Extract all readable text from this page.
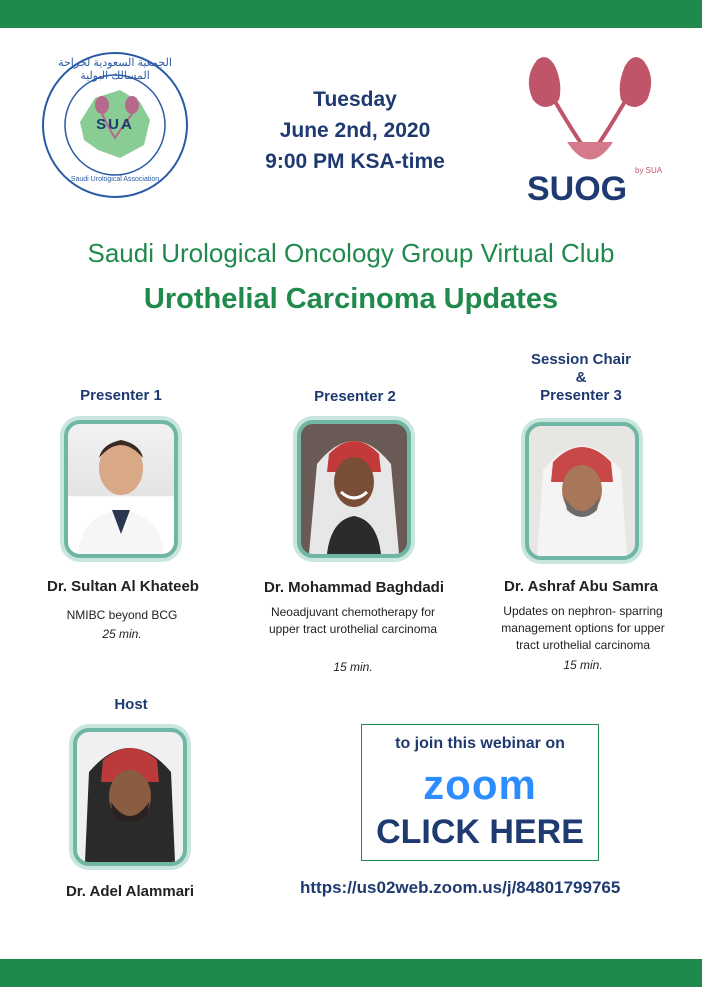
SUA
الجمعية السعودية لجراحة المسالك البولية
Saudi Urological Association
Tuesday
June 2nd, 2020
9:00 PM KSA-time
SUOG by SUA
Saudi Urological Oncology Group Virtual Club
Urothelial Carcinoma Updates
Presenter 1
Dr. Sultan Al Khateeb
NMIBC beyond BCG
25 min.
Presenter 2
Dr. Mohammad Baghdadi
Neoadjuvant chemotherapy for upper tract urothelial carcinoma
15 min.
Session Chair
&
Presenter 3
Dr. Ashraf Abu Samra
Updates on nephron- sparring management options for upper tract urothelial carcinoma
15 min.
Host
Dr. Adel Alammari
to join this webinar on
zoom
CLICK HERE
https://us02web.zoom.us/j/84801799765
